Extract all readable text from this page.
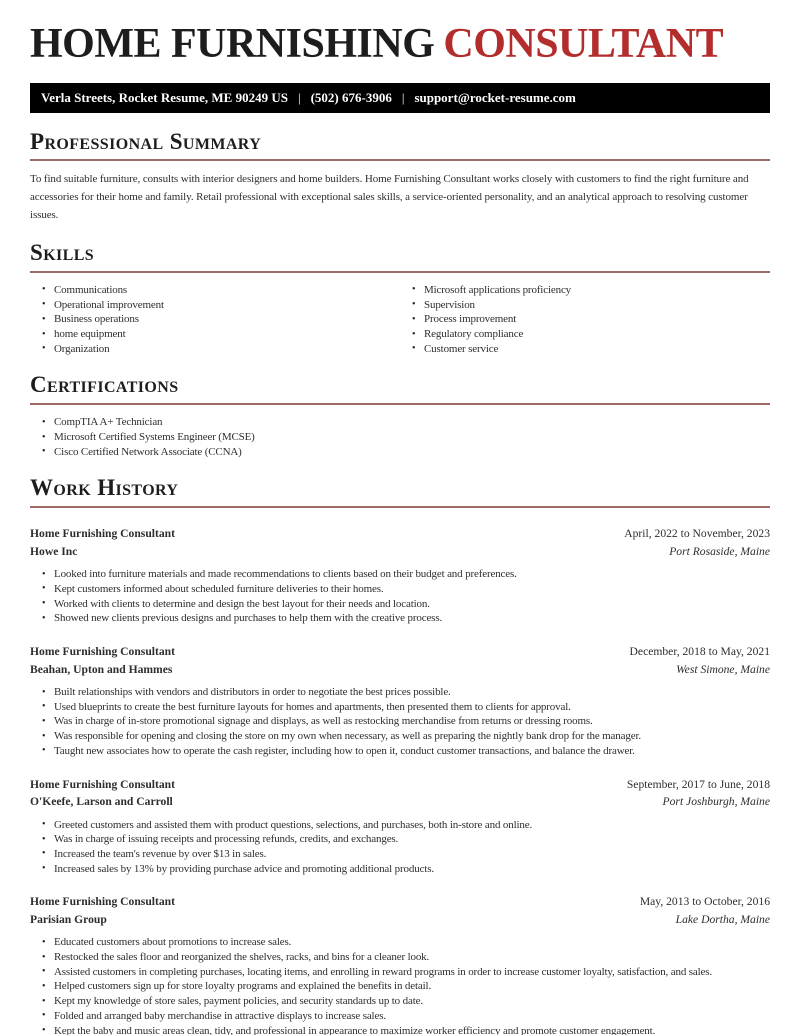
HOME FURNISHING CONSULTANT
Verla Streets, Rocket Resume, ME 90249 US | (502) 676-3906 | support@rocket-resume.com
Professional Summary

To find suitable furniture, consults with interior designers and home builders. Home Furnishing Consultant works closely with customers to find the right furniture and accessories for their home and family. Retail professional with exceptional sales skills, a service-oriented personality, and an analytical approach to resolving customer issues.

Skills
• Communications
• Operational improvement
• Business operations
• home equipment
• Organization
• Microsoft applications proficiency
• Supervision
• Process improvement
• Regulatory compliance
• Customer service
Certifications
• CompTIA A+ Technician
• Microsoft Certified Systems Engineer (MCSE)
• Cisco Certified Network Associate (CCNA)
Work History
Home Furnishing Consultant	April, 2022 to November, 2023
Howe Inc	Port Rosaside, Maine
• Looked into furniture materials and made recommendations to clients based on their budget and preferences.
• Kept customers informed about scheduled furniture deliveries to their homes.
• Worked with clients to determine and design the best layout for their needs and location.
• Showed new clients previous designs and purchases to help them with the creative process.
Home Furnishing Consultant	December, 2018 to May, 2021
Beahan, Upton and Hammes	West Simone, Maine
• Built relationships with vendors and distributors in order to negotiate the best prices possible.
• Used blueprints to create the best furniture layouts for homes and apartments, then presented them to clients for approval.
• Was in charge of in-store promotional signage and displays, as well as restocking merchandise from returns or dressing rooms.
• Was responsible for opening and closing the store on my own when necessary, as well as preparing the nightly bank drop for the manager.
• Taught new associates how to operate the cash register, including how to open it, conduct customer transactions, and balance the drawer.
Home Furnishing Consultant	September, 2017 to June, 2018
O'Keefe, Larson and Carroll	Port Joshburgh, Maine
• Greeted customers and assisted them with product questions, selections, and purchases, both in-store and online.
• Was in charge of issuing receipts and processing refunds, credits, and exchanges.
• Increased the team's revenue by over $13 in sales.
• Increased sales by 13% by providing purchase advice and promoting additional products.
Home Furnishing Consultant	May, 2013 to October, 2016
Parisian Group	Lake Dortha, Maine
• Educated customers about promotions to increase sales.
• Restocked the sales floor and reorganized the shelves, racks, and bins for a cleaner look.
• Assisted customers in completing purchases, locating items, and enrolling in reward programs in order to increase customer loyalty, satisfaction, and sales.
• Helped customers sign up for store loyalty programs and explained the benefits in detail.
• Kept my knowledge of store sales, payment policies, and security standards up to date.
• Folded and arranged baby merchandise in attractive displays to increase sales.
• Kept the baby and music areas clean, tidy, and professional in appearance to maximize worker efficiency and promote customer engagement.
